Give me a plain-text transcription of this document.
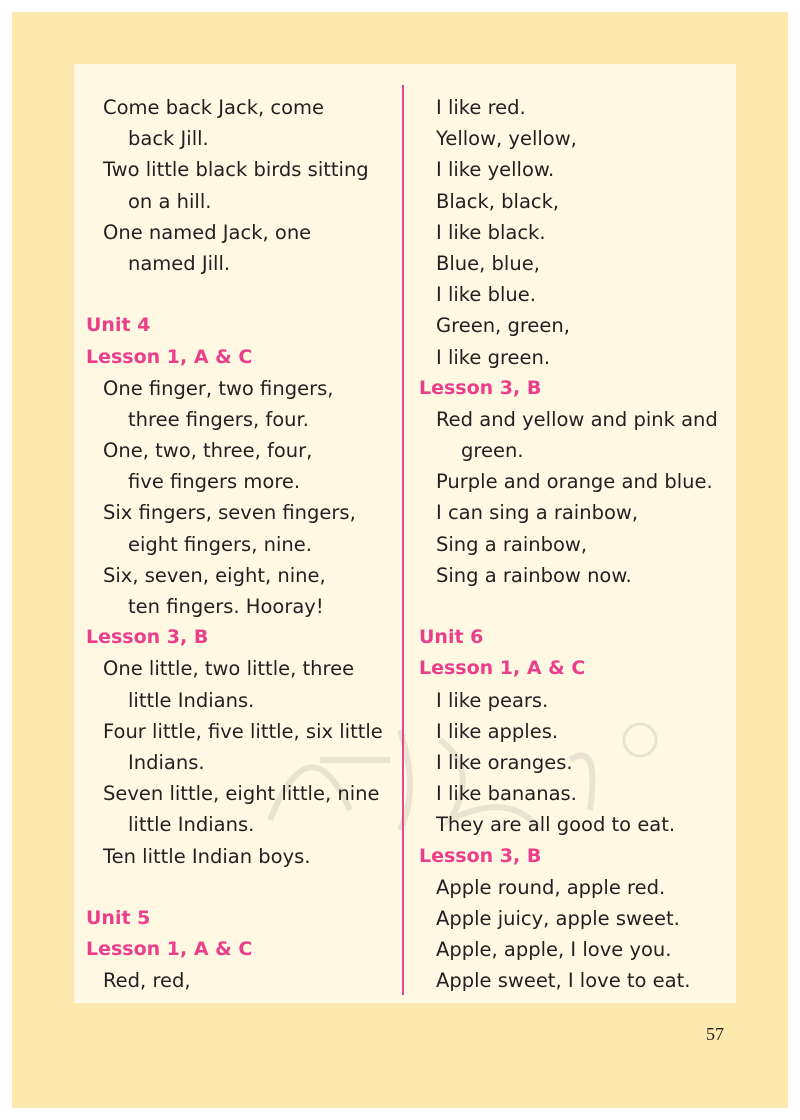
Come back Jack, come
back Jill.
Two little black birds sitting
on a hill.
One named Jack, one
named Jill.
Unit 4
Lesson 1, A & C
One finger, two fingers,
three fingers, four.
One, two, three, four,
five fingers more.
Six fingers, seven fingers,
eight fingers, nine.
Six, seven, eight, nine,
ten fingers. Hooray!
Lesson 3, B
One little, two little, three
little Indians.
Four little, five little, six little
Indians.
Seven little, eight little, nine
little Indians.
Ten little Indian boys.
Unit 5
Lesson 1, A & C
Red, red,
I like red.
Yellow, yellow,
I like yellow.
Black, black,
I like black.
Blue, blue,
I like blue.
Green, green,
I like green.
Lesson 3, B
Red and yellow and pink and
green.
Purple and orange and blue.
I can sing a rainbow,
Sing a rainbow,
Sing a rainbow now.
Unit 6
Lesson 1, A & C
I like pears.
I like apples.
I like oranges.
I like bananas.
They are all good to eat.
Lesson 3, B
Apple round, apple red.
Apple juicy, apple sweet.
Apple, apple, I love you.
Apple sweet, I love to eat.
57
